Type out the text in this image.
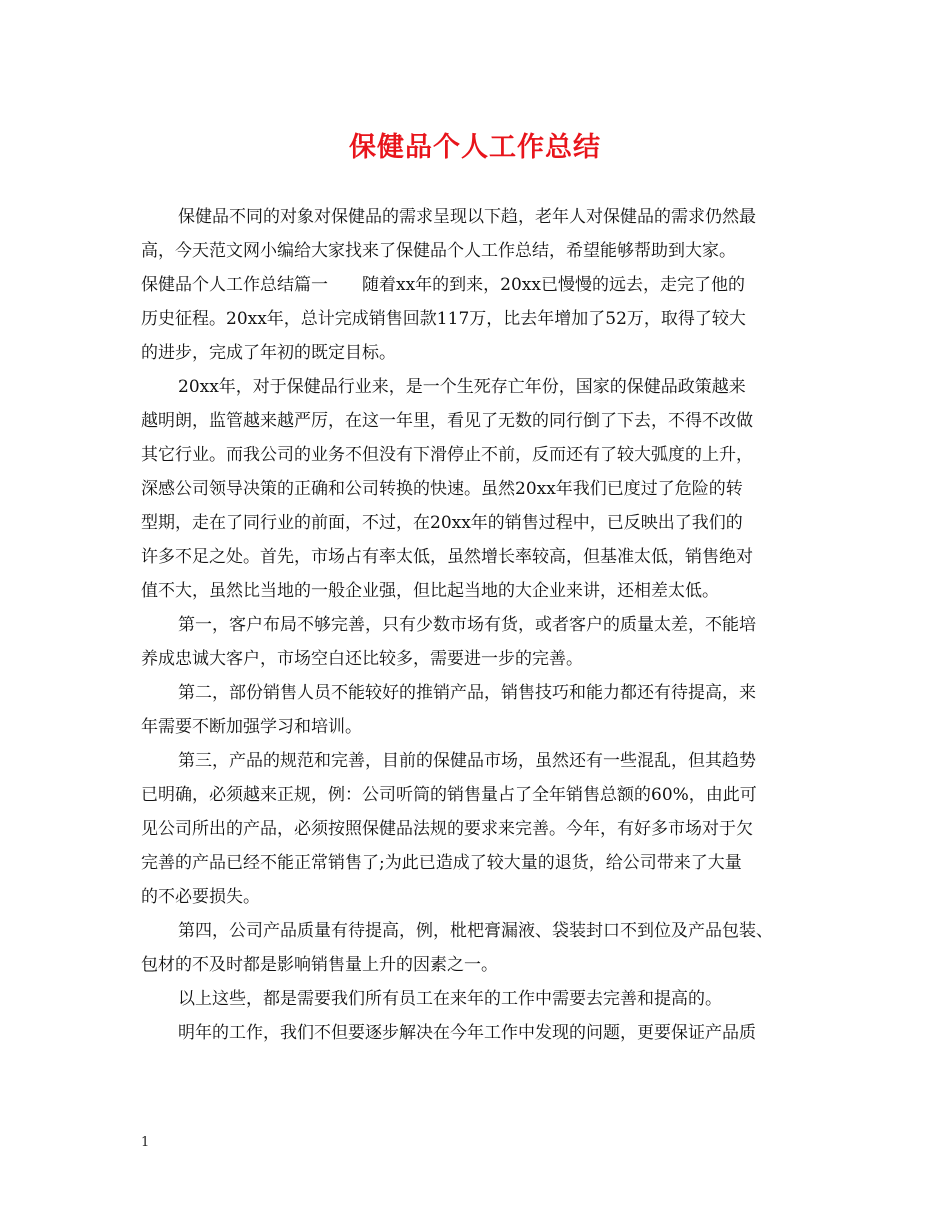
保健品个人工作总结
保健品不同的对象对保健品的需求呈现以下趋，老年人对保健品的需求仍然最
高，今天范文网小编给大家找来了保健品个人工作总结，希望能够帮助到大家。
保健品个人工作总结篇一　　随着xx年的到来，20xx已慢慢的远去，走完了他的
历史征程。20xx年，总计完成销售回款117万，比去年增加了52万，取得了较大
的进步，完成了年初的既定目标。
20xx年，对于保健品行业来，是一个生死存亡年份，国家的保健品政策越来
越明朗，监管越来越严厉，在这一年里，看见了无数的同行倒了下去，不得不改做
其它行业。而我公司的业务不但没有下滑停止不前，反而还有了较大弧度的上升，
深感公司领导决策的正确和公司转换的快速。虽然20xx年我们已度过了危险的转
型期，走在了同行业的前面，不过，在20xx年的销售过程中，已反映出了我们的
许多不足之处。首先，市场占有率太低，虽然增长率较高，但基准太低，销售绝对
值不大，虽然比当地的一般企业强，但比起当地的大企业来讲，还相差太低。
第一，客户布局不够完善，只有少数市场有货，或者客户的质量太差，不能培
养成忠诚大客户，市场空白还比较多，需要进一步的完善。
第二，部份销售人员不能较好的推销产品，销售技巧和能力都还有待提高，来
年需要不断加强学习和培训。
第三，产品的规范和完善，目前的保健品市场，虽然还有一些混乱，但其趋势
已明确，必须越来正规，例：公司听筒的销售量占了全年销售总额的60%，由此可
见公司所出的产品，必须按照保健品法规的要求来完善。今年，有好多市场对于欠
完善的产品已经不能正常销售了;为此已造成了较大量的退货，给公司带来了大量
的不必要损失。
第四，公司产品质量有待提高，例，枇杷膏漏液、袋装封口不到位及产品包装、
包材的不及时都是影响销售量上升的因素之一。
以上这些，都是需要我们所有员工在来年的工作中需要去完善和提高的。
明年的工作，我们不但要逐步解决在今年工作中发现的问题，更要保证产品质
1
